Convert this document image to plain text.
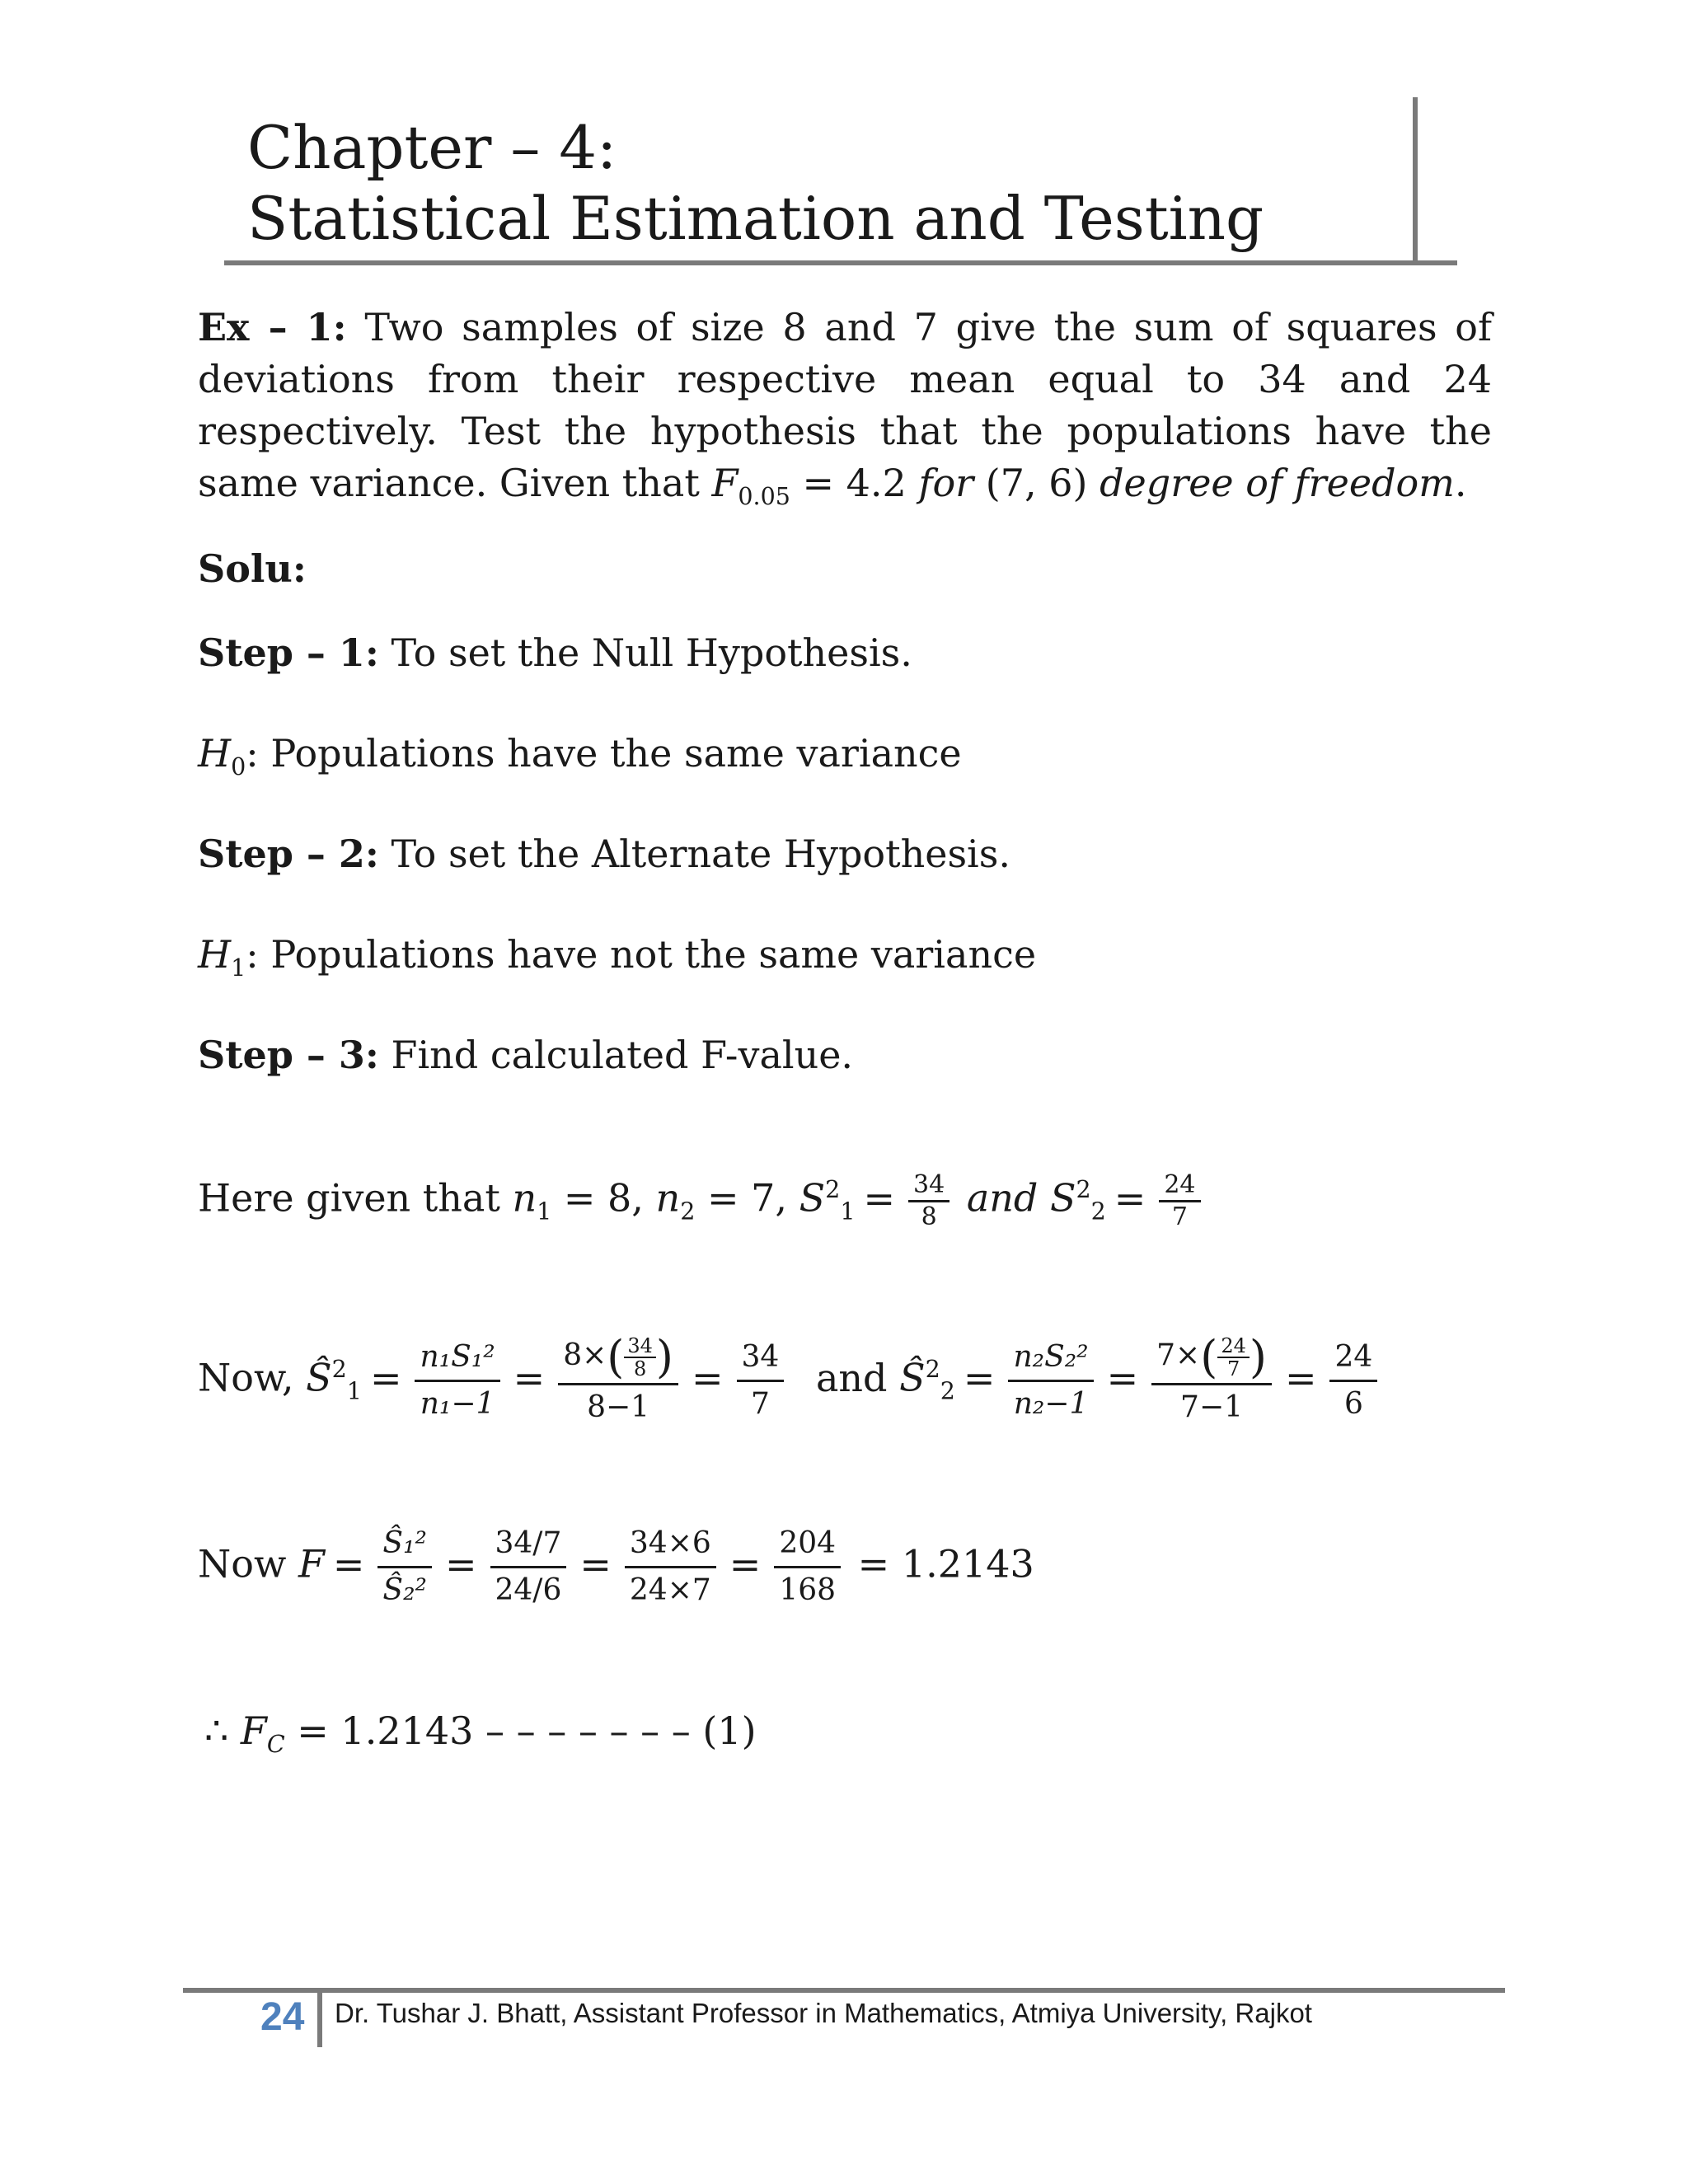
Chapter – 4:
Statistical Estimation and Testing
Ex – 1: Two samples of size 8 and 7 give the sum of squares of deviations from their respective mean equal to 34 and 24 respectively. Test the hypothesis that the populations have the same variance. Given that $F_{0.05} = 4.2$ for (7, 6) degree of freedom.
Solu:
Step – 1: To set the Null Hypothesis.
$H_0$: Populations have the same variance
Step – 2: To set the Alternate Hypothesis.
$H_1$: Populations have not the same variance
Step – 3: Find calculated F-value.
Here given that $n_1 = 8$, $n_2 = 7$, $S^2_1 = \frac{34}{8}$ and $S^2_2 = \frac{24}{7}$
Now, $Ŝ^2_1 = \frac{\text{n₁S₁²}}{\text{n₁−1}} = \frac{8\times( \frac{34}{8} )}{8-1} = \frac{34}{7}$ and $Ŝ^2_2 = \frac{\text{n₂S₂²}}{\text{n₂−1}} = \frac{7\times( \frac{24}{7} )}{7-1} = \frac{24}{6}$
Now $F = \frac{\text{Ŝ₁²}}{\text{Ŝ₂²}} = \frac{34/7}{24/6} = \frac{34\times 6}{24\times 7} = \frac{204}{168} = 1.2143$
∴ $F_C = 1.2143$ – – – – – – – (1)
24 Dr. Tushar J. Bhatt, Assistant Professor in Mathematics, Atmiya University, Rajkot
